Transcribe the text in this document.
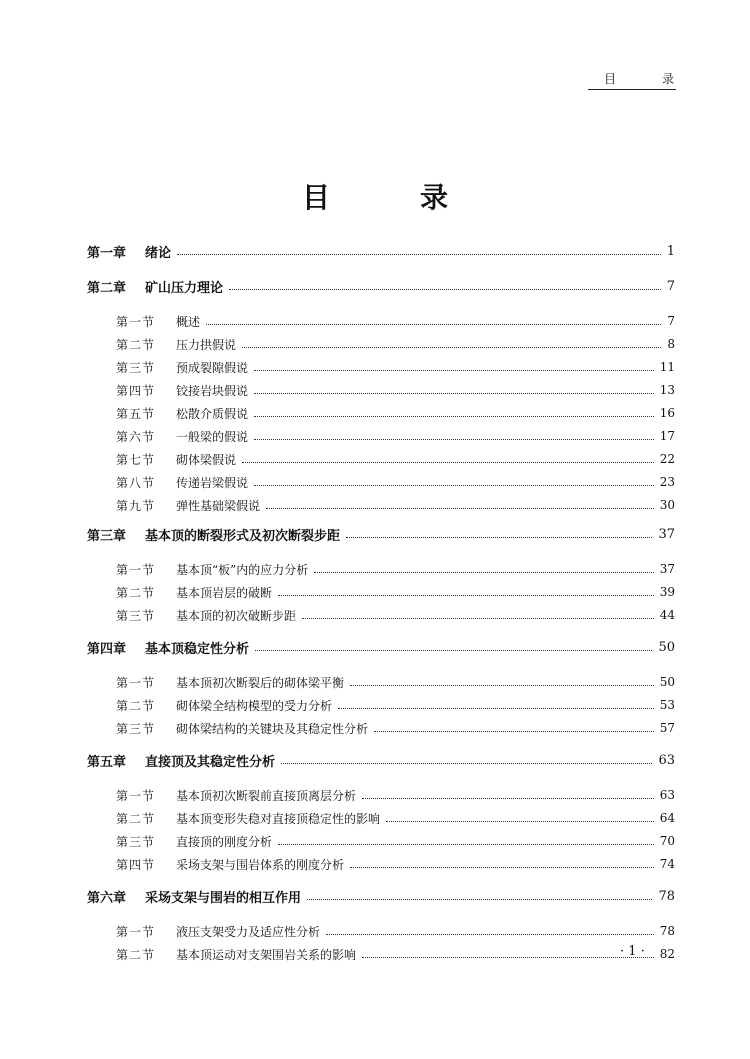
目	录
目	录
第一章	绪论	1
第二章	矿山压力理论	7
第一节	概述	7
第二节	压力拱假说	8
第三节	预成裂隙假说	11
第四节	铰接岩块假说	13
第五节	松散介质假说	16
第六节	一般梁的假说	17
第七节	砌体梁假说	22
第八节	传递岩梁假说	23
第九节	弹性基础梁假说	30
第三章	基本顶的断裂形式及初次断裂步距	37
第一节	基本顶“板”内的应力分析	37
第二节	基本顶岩层的破断	39
第三节	基本顶的初次破断步距	44
第四章	基本顶稳定性分析	50
第一节	基本顶初次断裂后的砌体梁平衡	50
第二节	砌体梁全结构模型的受力分析	53
第三节	砌体梁结构的关键块及其稳定性分析	57
第五章	直接顶及其稳定性分析	63
第一节	基本顶初次断裂前直接顶离层分析	63
第二节	基本顶变形失稳对直接顶稳定性的影响	64
第三节	直接顶的刚度分析	70
第四节	采场支架与围岩体系的刚度分析	74
第六章	采场支架与围岩的相互作用	78
第一节	液压支架受力及适应性分析	78
第二节	基本顶运动对支架围岩关系的影响	82
· 1 ·
